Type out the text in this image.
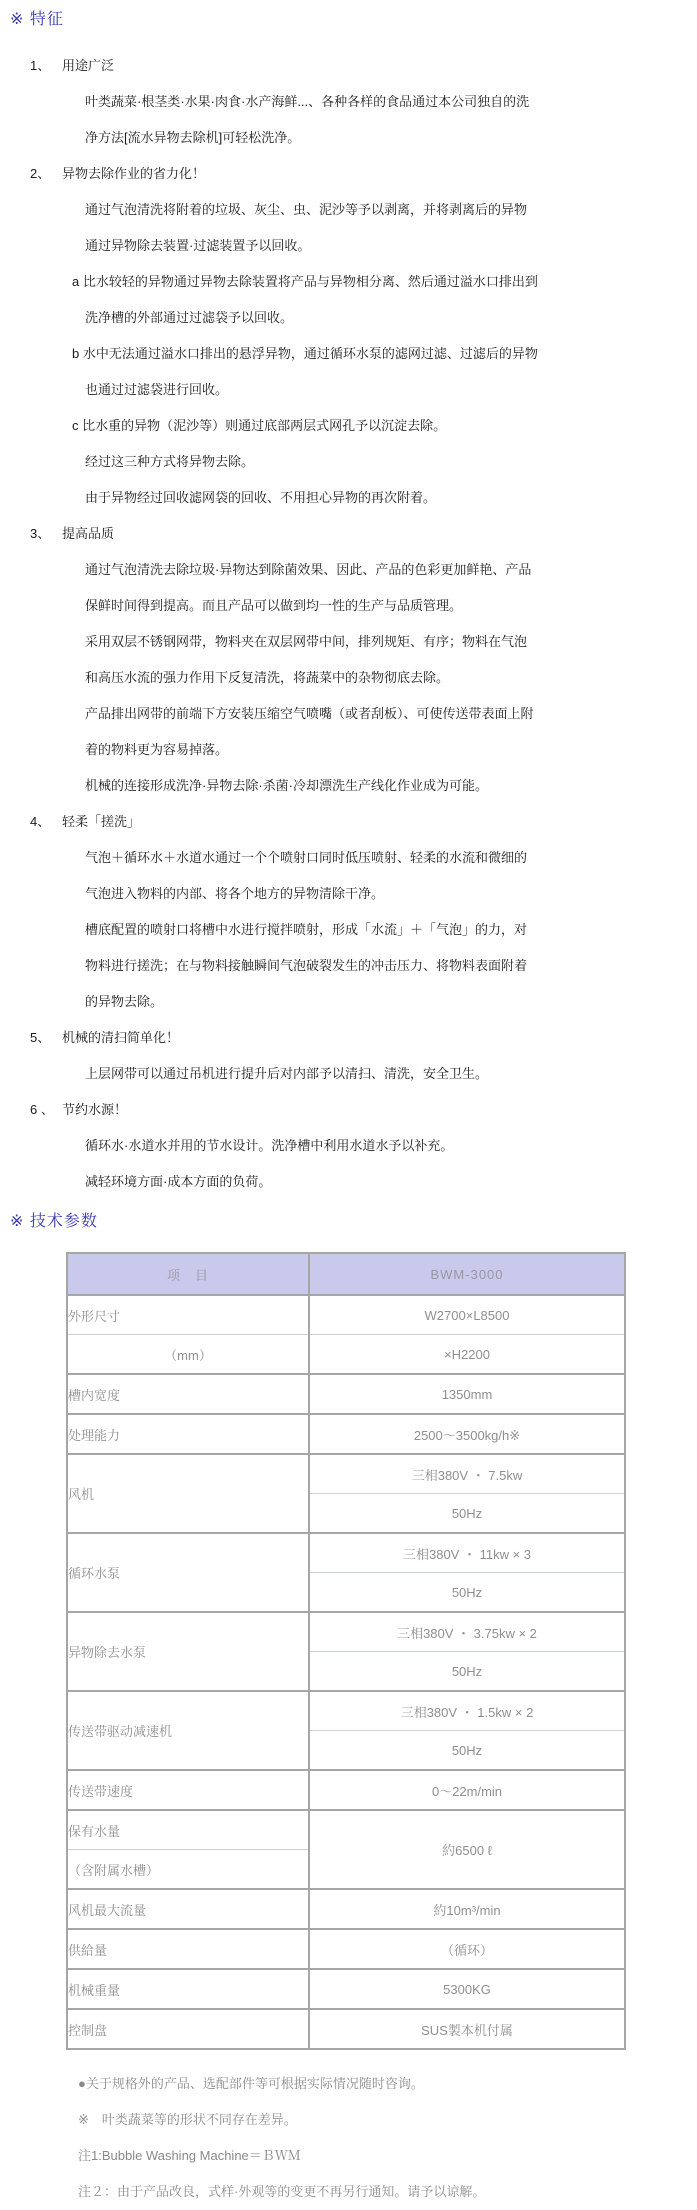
※ 特征
1、 用途广泛

叶类蔬菜·根茎类·水果·肉食·水产海鲜...、各种各样的食品通过本公司独自的洗净方法[流水异物去除机]可轻松洗净。

2、 异物去除作业的省力化！

通过气泡清洗将附着的垃圾、灰尘、虫、泥沙等予以剥离，并将剥离后的异物通过异物除去装置·过滤装置予以回收。

a 比水较轻的异物通过异物去除装置将产品与异物相分离、然后通过溢水口排出到洗净槽的外部通过过滤袋予以回收。
b 水中无法通过溢水口排出的悬浮异物，通过循环水泵的滤网过滤、过滤后的异物也通过过滤袋进行回收。
c 比水重的异物（泥沙等）则通过底部两层式网孔予以沉淀去除。

经过这三种方式将异物去除。

由于异物经过回收滤网袋的回收、不用担心异物的再次附着。

3、 提高品质

通过气泡清洗去除垃圾·异物达到除菌效果、因此、产品的色彩更加鲜艳、产品保鲜时间得到提高。而且产品可以做到均一性的生产与品质管理。

采用双层不锈钢网带，物料夹在双层网带中间，排列规矩、有序；物料在气泡和高压水流的强力作用下反复清洗，将蔬菜中的杂物彻底去除。

产品排出网带的前端下方安装压缩空气喷嘴（或者刮板）、可使传送带表面上附着的物料更为容易掉落。

机械的连接形成洗净·异物去除·杀菌·冷却漂洗生产线化作业成为可能。

4、 轻柔「搓洗」

气泡＋循环水＋水道水通过一个个喷射口同时低压喷射、轻柔的水流和微细的气泡进入物料的内部、将各个地方的异物清除干净。

槽底配置的喷射口将槽中水进行搅拌喷射，形成「水流」＋「气泡」的力，对物料进行搓洗；在与物料接触瞬间气泡破裂发生的冲击压力、将物料表面附着的异物去除。

5、 机械的清扫简单化！

上层网带可以通过吊机进行提升后对内部予以清扫、清洗，安全卫生。

6 、 节约水源！

循环水·水道水并用的节水设计。洗净槽中利用水道水予以补充。

减轻环境方面·成本方面的负荷。

※ 技术参数
项　目	BWM-3000
外形尺寸	W2700×L8500
（mm）	×H2200
槽内宽度	1350mm
处理能力	2500～3500kg/h※
风机	三相380V ・ 7.5kw
	50Hz
循环水泵	三相380V ・ 11kw × 3
	50Hz
异物除去水泵	三相380V ・ 3.75kw × 2
	50Hz
传送带驱动减速机	三相380V ・ 1.5kw × 2
	50Hz
传送带速度	0～22m/min
保有水量	約6500 ℓ
（含附属水槽）	
风机最大流量	約10m³/min
供給量	（循环）
机械重量	5300KG
控制盘	SUS製本机付属

●关于规格外的产品、选配部件等可根据实际情况随时咨询。

※　叶类蔬菜等的形状不同存在差异。

注1:Bubble Washing Machine＝ＢＷＭ

注２：由于产品改良，式样·外观等的变更不再另行通知。请予以谅解。
